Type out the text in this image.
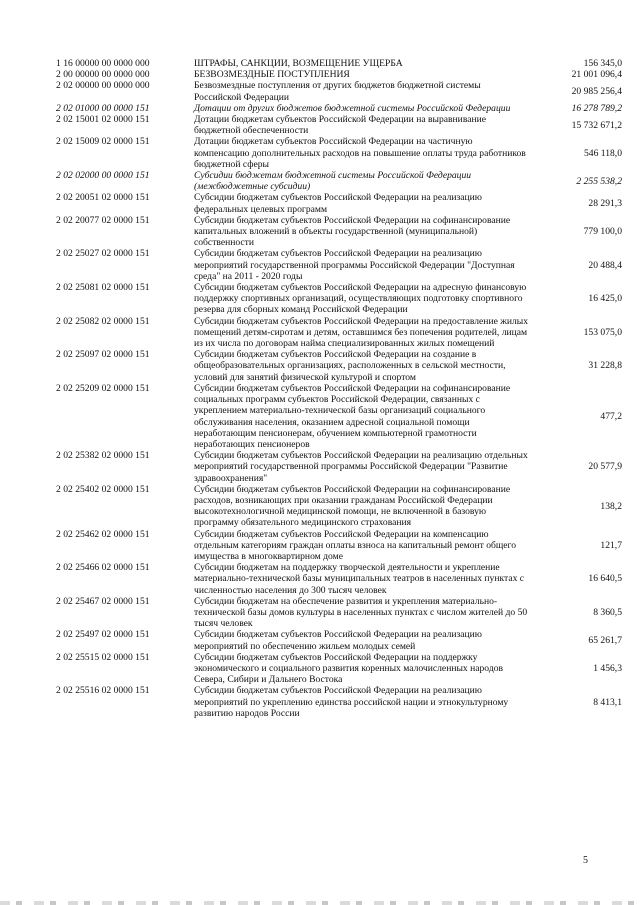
1 16 00000 00 0000 000	ШТРАФЫ, САНКЦИИ, ВОЗМЕЩЕНИЕ УЩЕРБА	156 345,0
2 00 00000 00 0000 000	БЕЗВОЗМЕЗДНЫЕ ПОСТУПЛЕНИЯ	21 001 096,4
2 02 00000 00 0000 000	Безвозмездные поступления от других бюджетов бюджетной системы Российской Федерации	20 985 256,4
2 02 01000 00 0000 151	Дотации от других бюджетов бюджетной системы Российской Федерации	16 278 789,2
2 02 15001 02 0000 151	Дотации бюджетам субъектов Российской Федерации на выравнивание бюджетной обеспеченности	15 732 671,2
2 02 15009 02 0000 151	Дотации бюджетам субъектов Российской Федерации на частичную компенсацию дополнительных расходов на повышение оплаты труда работников бюджетной сферы	546 118,0
2 02 02000 00 0000 151	Субсидии бюджетам бюджетной системы Российской Федерации (межбюджетные субсидии)	2 255 538,2
2 02 20051 02 0000 151	Субсидии бюджетам субъектов Российской Федерации на реализацию федеральных целевых программ	28 291,3
2 02 20077 02 0000 151	Субсидии бюджетам субъектов Российской Федерации на софинансирование капитальных вложений в объекты государственной (муниципальной) собственности	779 100,0
2 02 25027 02 0000 151	Субсидии бюджетам субъектов Российской Федерации на реализацию мероприятий государственной программы Российской Федерации "Доступная среда" на 2011 - 2020 годы	20 488,4
2 02 25081 02 0000 151	Субсидии бюджетам субъектов Российской Федерации на адресную финансовую поддержку спортивных организаций, осуществляющих подготовку спортивного резерва для сборных команд Российской Федерации	16 425,0
2 02 25082 02 0000 151	Субсидии бюджетам субъектов Российской Федерации на предоставление жилых помещений детям-сиротам и детям, оставшимся без попечения родителей, лицам из их числа по договорам найма специализированных жилых помещений	153 075,0
2 02 25097 02 0000 151	Субсидии бюджетам субъектов Российской Федерации на создание в общеобразовательных организациях, расположенных в сельской местности, условий для занятий физической культурой и спортом	31 228,8
2 02 25209 02 0000 151	Субсидии бюджетам субъектов Российской Федерации на софинансирование социальных программ субъектов Российской Федерации, связанных с укреплением материально-технической базы организаций социального обслуживания населения, оказанием адресной социальной помощи неработающим пенсионерам, обучением компьютерной грамотности неработающих пенсионеров	477,2
2 02 25382 02 0000 151	Субсидии бюджетам субъектов Российской Федерации на реализацию отдельных мероприятий государственной программы Российской Федерации "Развитие здравоохранения"	20 577,9
2 02 25402 02 0000 151	Субсидии бюджетам субъектов Российской Федерации на софинансирование расходов, возникающих при оказании гражданам Российской Федерации высокотехнологичной медицинской помощи, не включенной в базовую программу обязательного медицинского страхования	138,2
2 02 25462 02 0000 151	Субсидии бюджетам субъектов Российской Федерации на компенсацию отдельным категориям граждан оплаты взноса на капитальный ремонт общего имущества в многоквартирном доме	121,7
2 02 25466 02 0000 151	Субсидии бюджетам на поддержку творческой деятельности и укрепление материально-технической базы муниципальных театров в населенных пунктах с численностью населения до 300 тысяч человек	16 640,5
2 02 25467 02 0000 151	Субсидии бюджетам на обеспечение развития и укрепления материально-технической базы домов культуры в населенных пунктах с числом жителей до 50 тысяч человек	8 360,5
2 02 25497 02 0000 151	Субсидии бюджетам субъектов Российской Федерации на реализацию мероприятий по обеспечению жильем молодых семей	65 261,7
2 02 25515 02 0000 151	Субсидии бюджетам субъектов Российской Федерации на поддержку экономического и социального развития коренных малочисленных народов Севера, Сибири и Дальнего Востока	1 456,3
2 02 25516 02 0000 151	Субсидии бюджетам субъектов Российской Федерации на реализацию мероприятий по укреплению единства российской нации и этнокультурному развитию народов России	8 413,1
5
